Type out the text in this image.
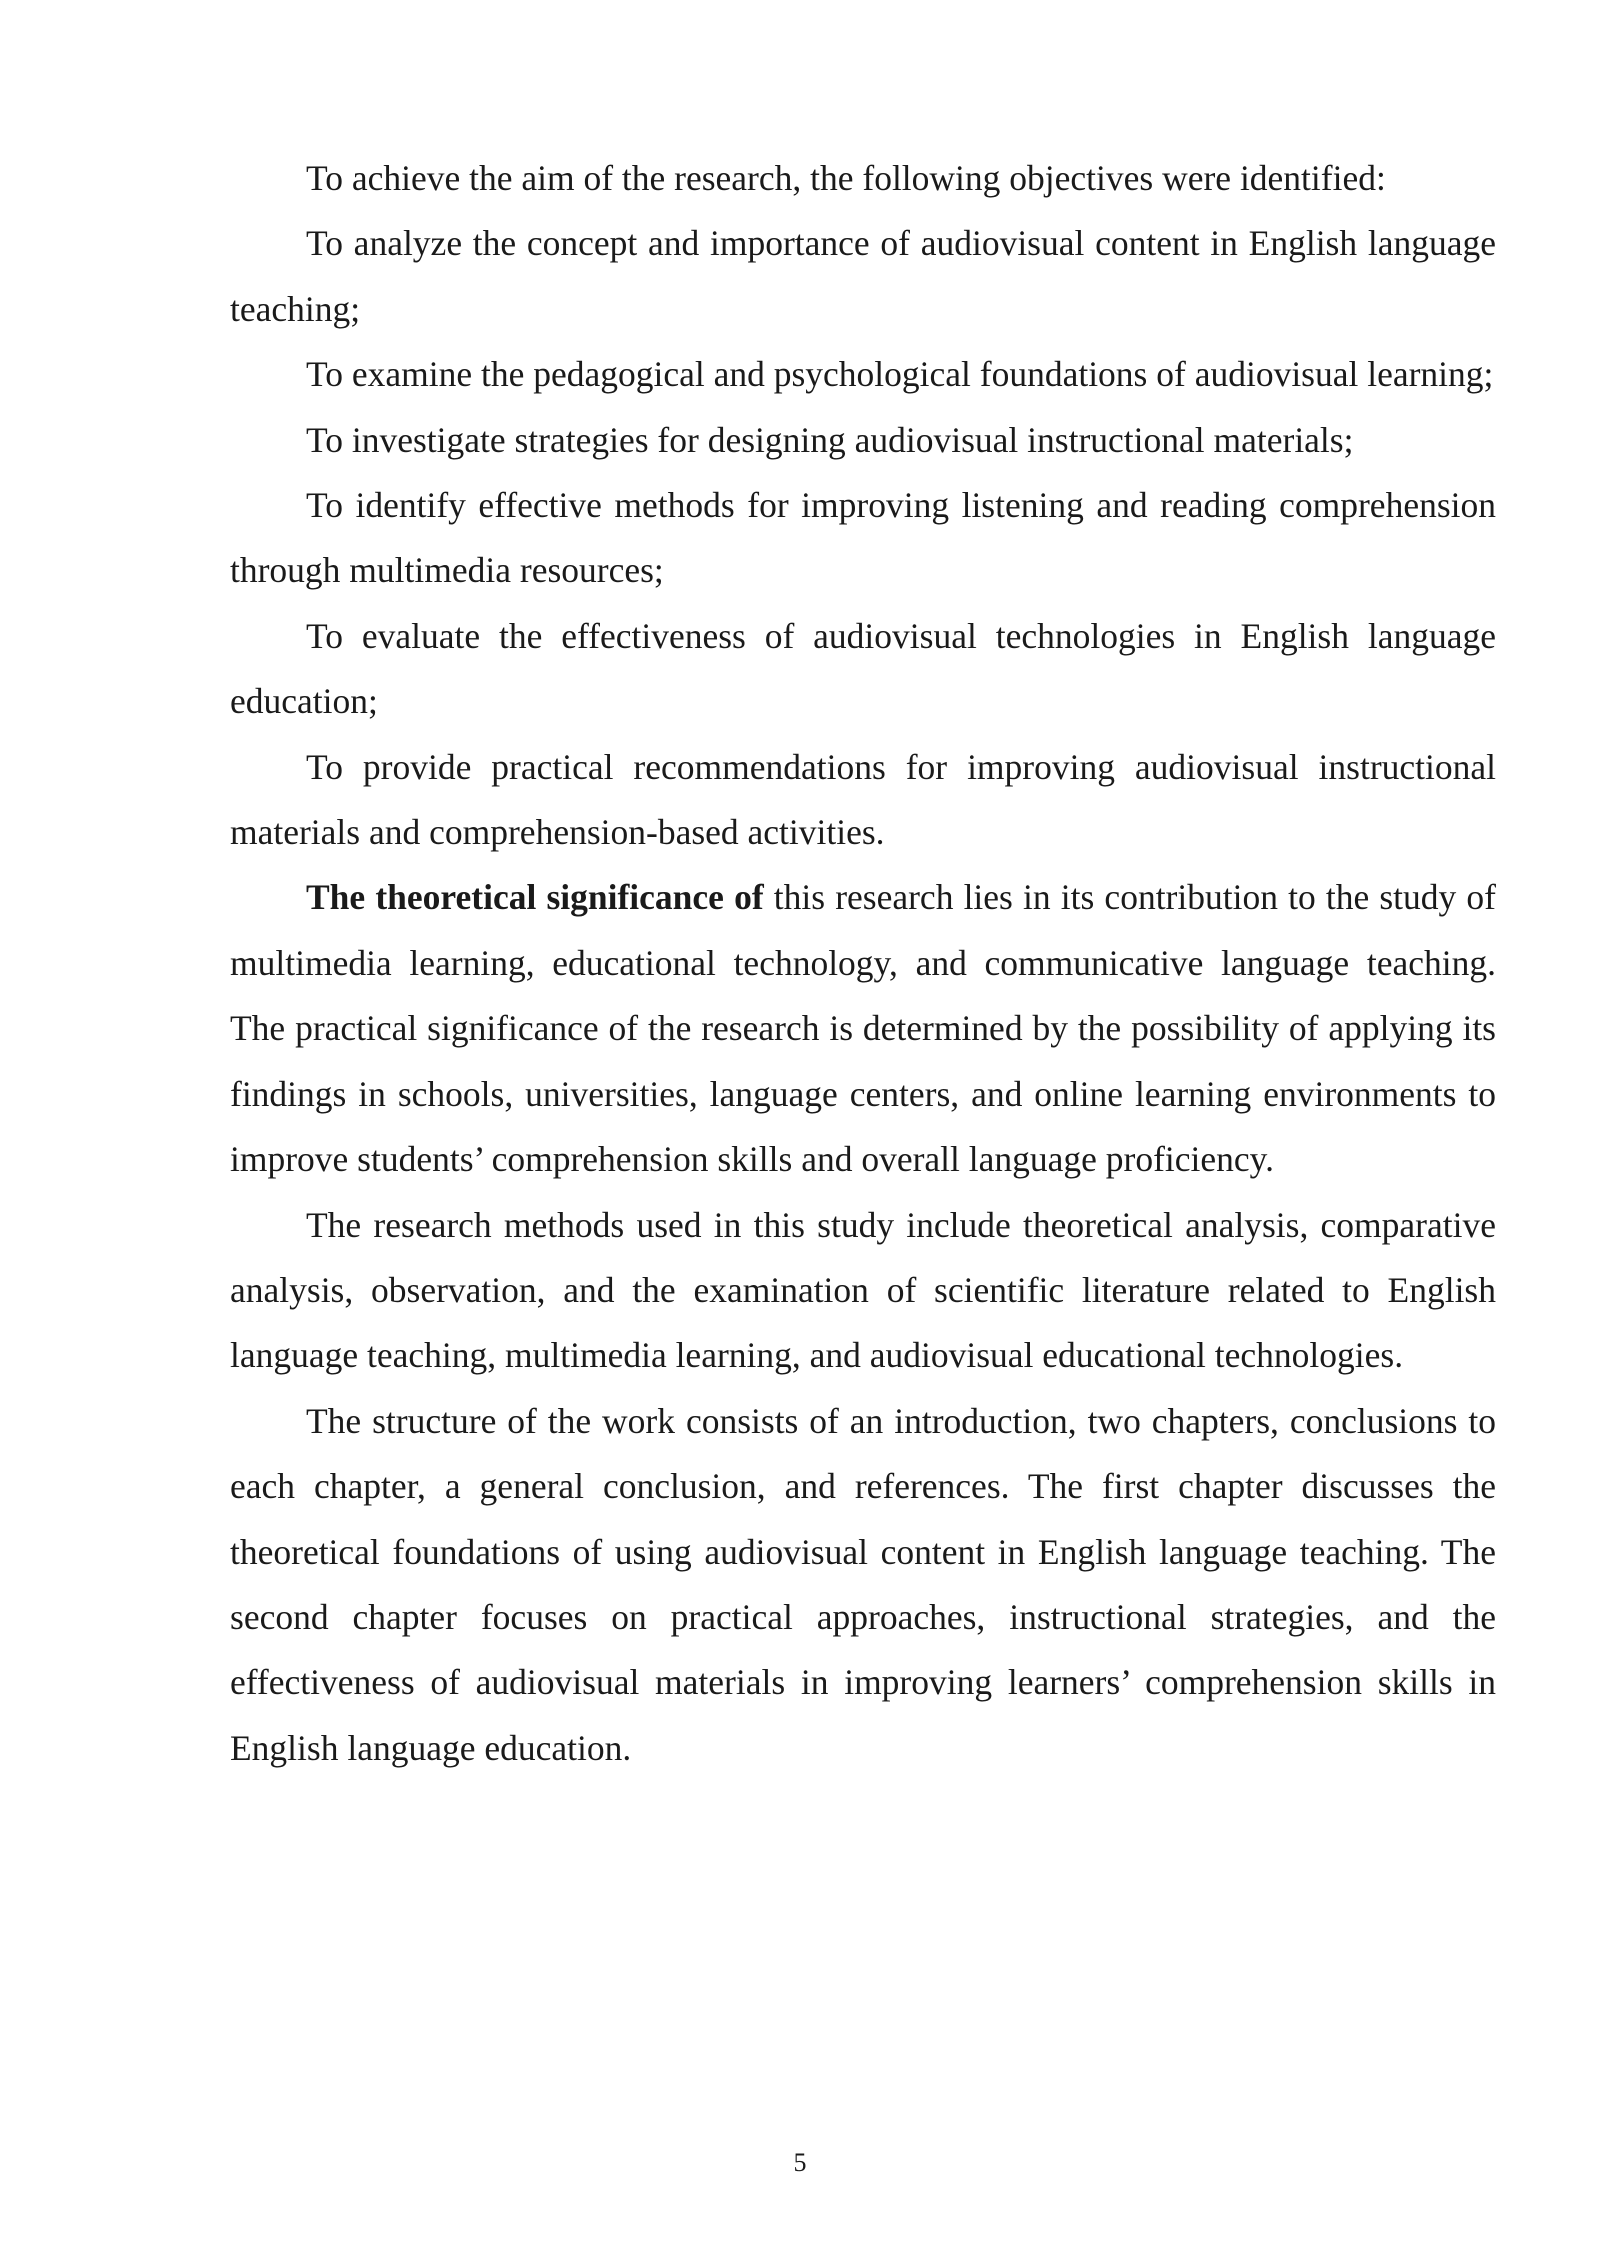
To achieve the aim of the research, the following objectives were identified:

To analyze the concept and importance of audiovisual content in English language teaching;

To examine the pedagogical and psychological foundations of audiovisual learning;

To investigate strategies for designing audiovisual instructional materials;

To identify effective methods for improving listening and reading comprehension through multimedia resources;

To evaluate the effectiveness of audiovisual technologies in English language education;

To provide practical recommendations for improving audiovisual instructional materials and comprehension-based activities.

The theoretical significance of this research lies in its contribution to the study of multimedia learning, educational technology, and communicative language teaching. The practical significance of the research is determined by the possibility of applying its findings in schools, universities, language centers, and online learning environments to improve students’ comprehension skills and overall language proficiency.

The research methods used in this study include theoretical analysis, comparative analysis, observation, and the examination of scientific literature related to English language teaching, multimedia learning, and audiovisual educational technologies.

The structure of the work consists of an introduction, two chapters, conclusions to each chapter, a general conclusion, and references. The first chapter discusses the theoretical foundations of using audiovisual content in English language teaching. The second chapter focuses on practical approaches, instructional strategies, and the effectiveness of audiovisual materials in improving learners’ comprehension skills in English language education.

5
